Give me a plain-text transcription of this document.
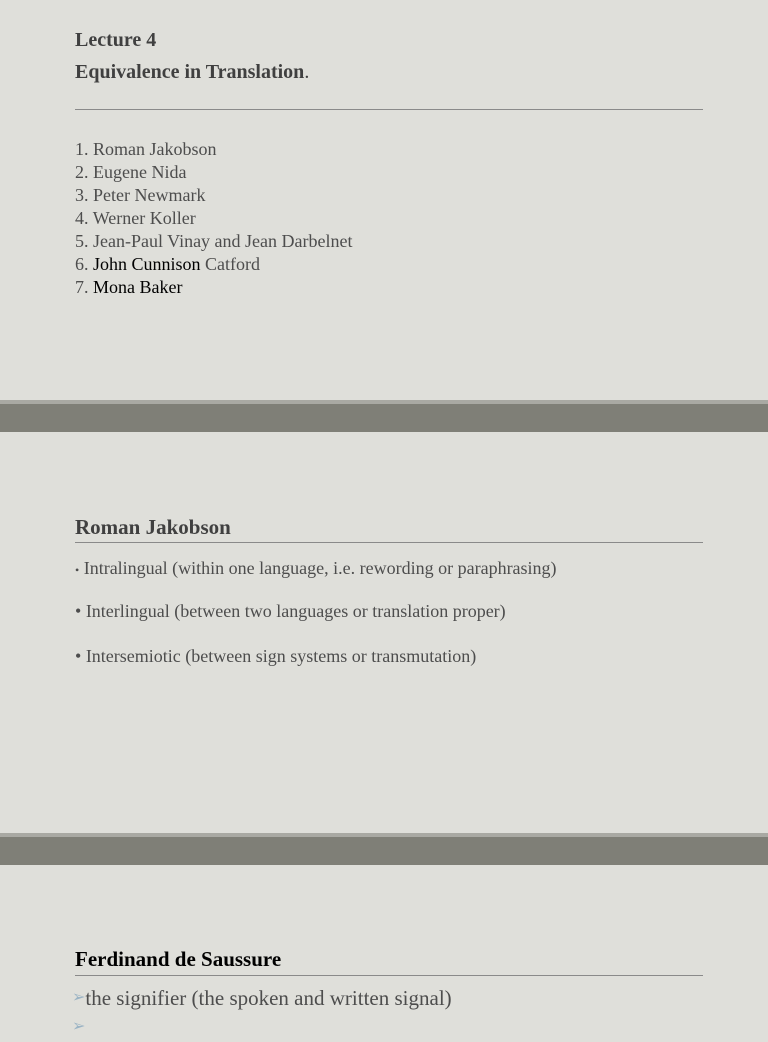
Lecture 4
Equivalence in Translation.
1. Roman Jakobson
2. Eugene Nida
3. Peter Newmark
4. Werner Koller
5. Jean-Paul Vinay and Jean Darbelnet
6. John Cunnison Catford
7. Mona Baker
Roman Jakobson
• Intralingual (within one language, i.e. rewording or paraphrasing)
• Interlingual (between two languages or translation proper)
• Intersemiotic (between sign systems or transmutation)
Ferdinand de Saussure
➢the signifier (the spoken and written signal)
➢
